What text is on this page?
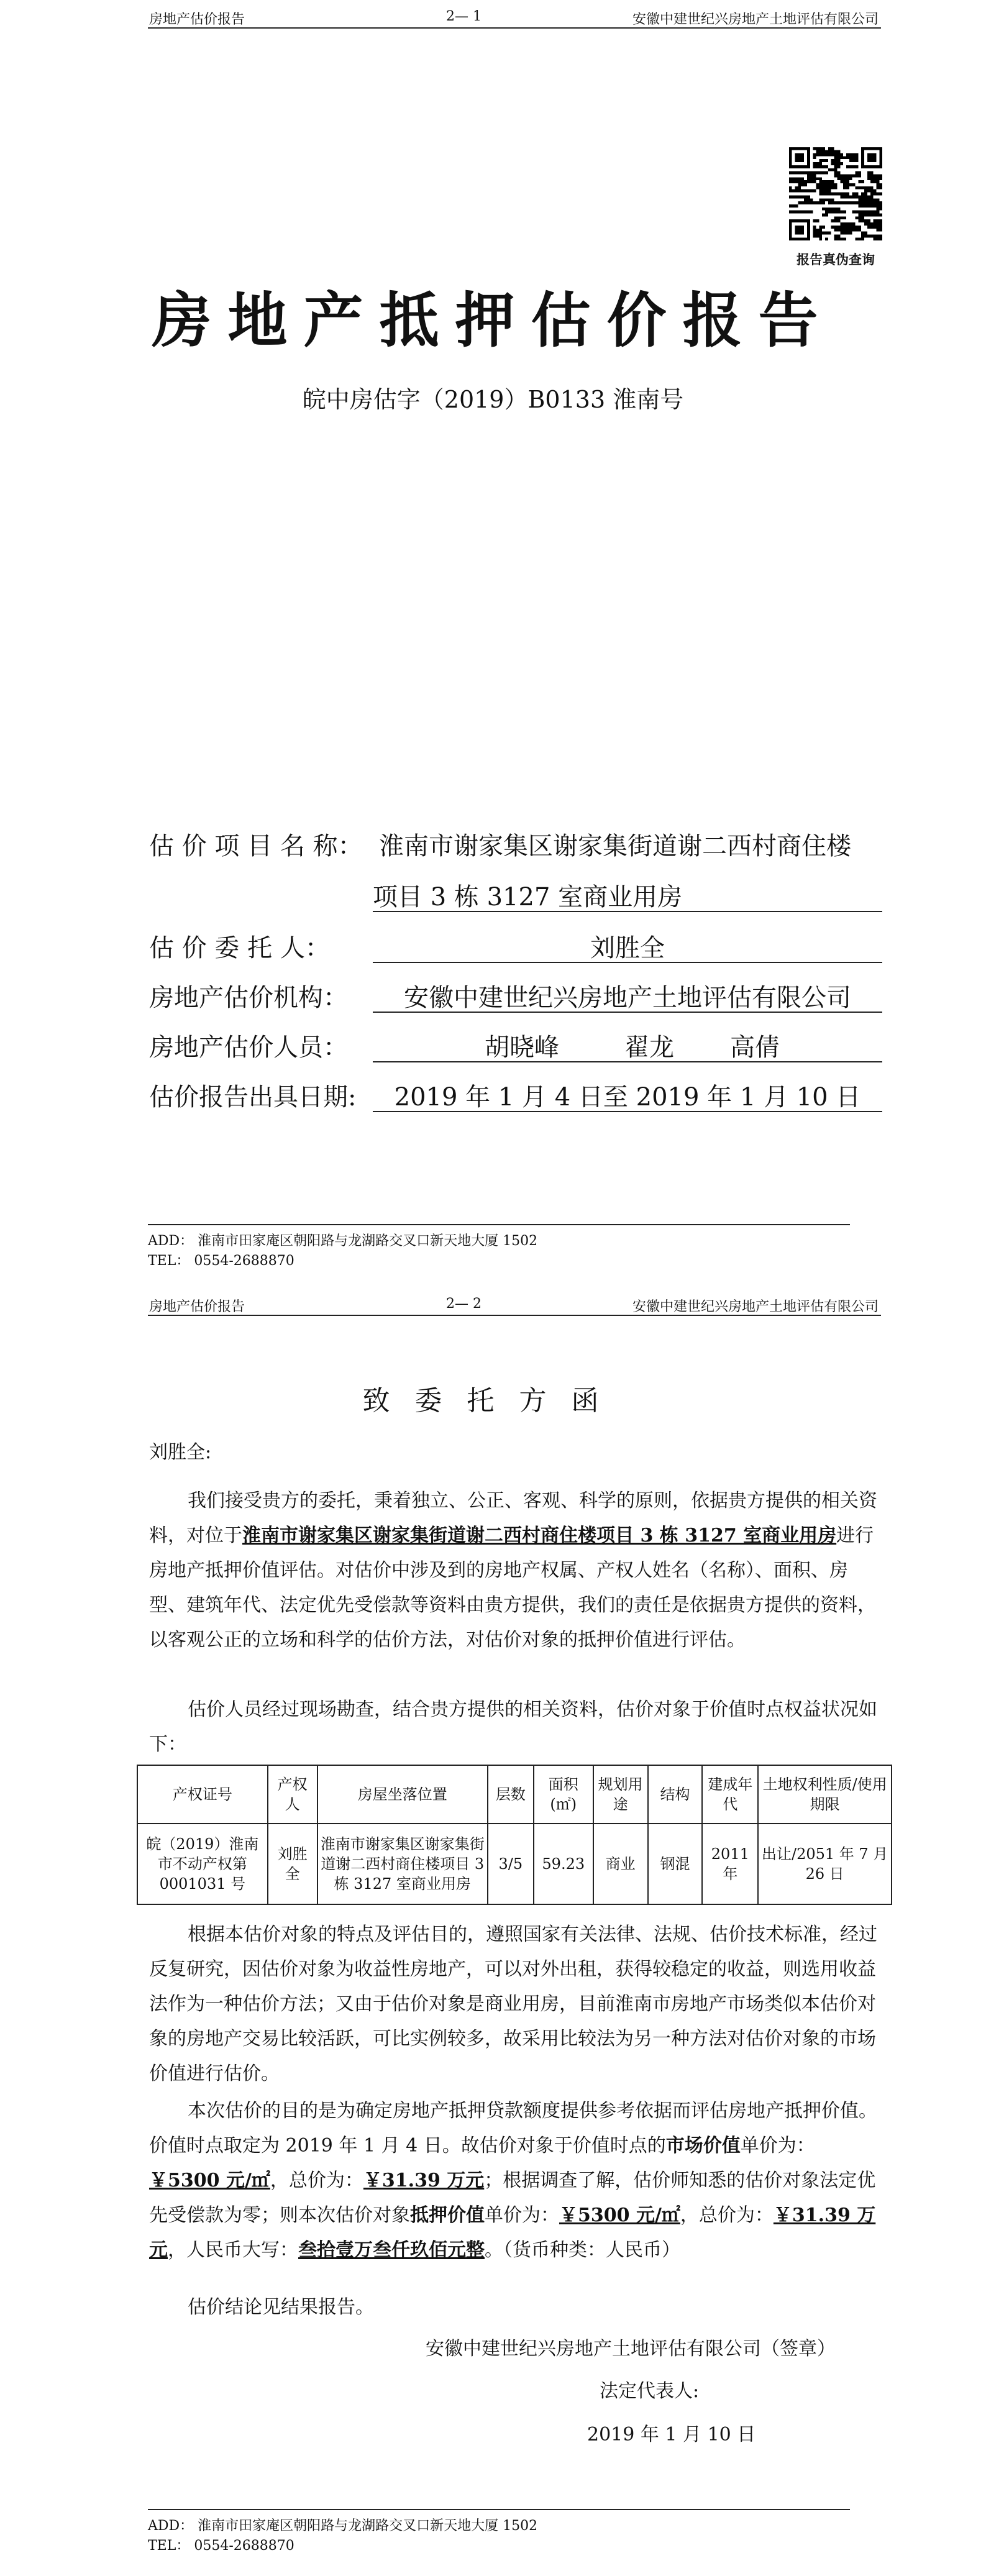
房地产估价报告	2— 1	安徽中建世纪兴房地产土地评估有限公司
报告真伪查询
房地产抵押估价报告
皖中房估字（2019）B0133 淮南号
估 价 项 目 名 称： 淮南市谢家集区谢家集街道谢二西村商住楼
项目 3 栋 3127 室商业用房
估 价 委 托 人：	刘胜全
房地产估价机构：	安徽中建世纪兴房地产土地评估有限公司
房地产估价人员：	胡晓峰	翟龙 高倩
估价报告出具日期:	2019 年 1 月 4 日至 2019 年 1 月 10 日
ADD： 淮南市田家庵区朝阳路与龙湖路交叉口新天地大厦 1502
TEL： 0554-2688870
房地产估价报告	2— 2	安徽中建世纪兴房地产土地评估有限公司
致委托方函
刘胜全:
我们接受贵方的委托，秉着独立、公正、客观、科学的原则，依据贵方提供的相关资料，对位于淮南市谢家集区谢家集街道谢二西村商住楼项目 3 栋 3127 室商业用房进行房地产抵押价值评估。对估价中涉及到的房地产权属、产权人姓名（名称）、面积、房型、建筑年代、法定优先受偿款等资料由贵方提供，我们的责任是依据贵方提供的资料，以客观公正的立场和科学的估价方法，对估价对象的抵押价值进行评估。
估价人员经过现场勘查，结合贵方提供的相关资料，估价对象于价值时点权益状况如下：
产权证号	产权人	房屋坐落位置	层数	面积(㎡)	规划用途	结构	建成年代	土地权利性质/使用期限
皖（2019）淮南市不动产权第 0001031 号	刘胜全	淮南市谢家集区谢家集街道谢二西村商住楼项目 3 栋 3127 室商业用房	3/5	59.23	商业	钢混	2011 年	出让/2051 年 7 月 26 日
根据本估价对象的特点及评估目的，遵照国家有关法律、法规、估价技术标准，经过反复研究，因估价对象为收益性房地产，可以对外出租，获得较稳定的收益，则选用收益法作为一种估价方法；又由于估价对象是商业用房，目前淮南市房地产市场类似本估价对象的房地产交易比较活跃，可比实例较多，故采用比较法为另一种方法对估价对象的市场价值进行估价。
本次估价的目的是为确定房地产抵押贷款额度提供参考依据而评估房地产抵押价值。价值时点取定为 2019 年 1 月 4 日。故估价对象于价值时点的市场价值单价为：￥5300 元/㎡，总价为：￥31.39 万元；根据调查了解，估价师知悉的估价对象法定优先受偿款为零；则本次估价对象抵押价值单价为：￥5300 元/㎡，总价为：￥31.39 万元，人民币大写：叁拾壹万叁仟玖佰元整。（货币种类：人民币）
估价结论见结果报告。
安徽中建世纪兴房地产土地评估有限公司（签章）
法定代表人:
2019 年 1 月 10 日
ADD： 淮南市田家庵区朝阳路与龙湖路交叉口新天地大厦 1502
TEL： 0554-2688870
